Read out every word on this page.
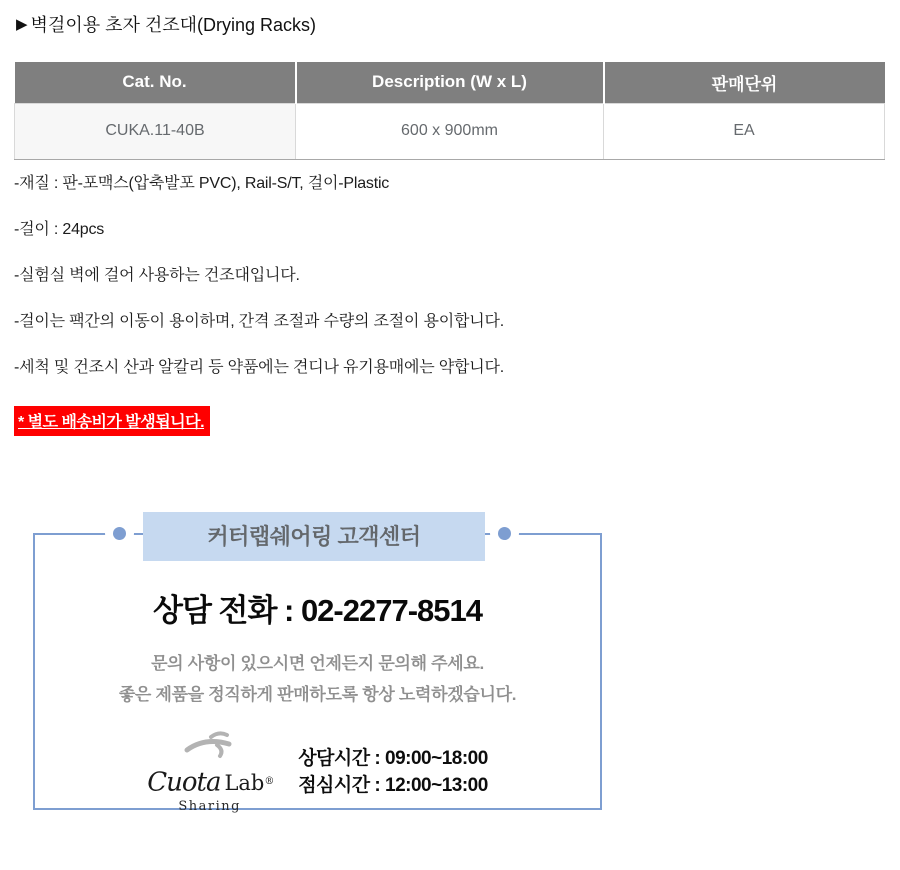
▶ 벽걸이용 초자 건조대(Drying Racks)
Cat. No.	Description (W x L)	판매단위
CUKA.11-40B	600 x 900mm	EA

-재질 : 판-포맥스(압축발포 PVC), Rail-S/T, 걸이-Plastic

-걸이 : 24pcs

-실험실 벽에 걸어 사용하는 건조대입니다.

-걸이는 팩간의 이동이 용이하며, 간격 조절과 수량의 조절이 용이합니다.

-세척 및 건조시 산과 알칼리 등 약품에는 견디나 유기용매에는 약합니다.

* 별도 배송비가 발생됩니다.
커터랩쉐어링 고객센터
상담 전화 : 02-2277-8514
문의 사항이 있으시면 언제든지 문의해 주세요.
좋은 제품을 정직하게 판매하도록 항상 노력하겠습니다.
Cuota Lab®
Sharing
상담시간 : 09:00~18:00
점심시간 : 12:00~13:00
